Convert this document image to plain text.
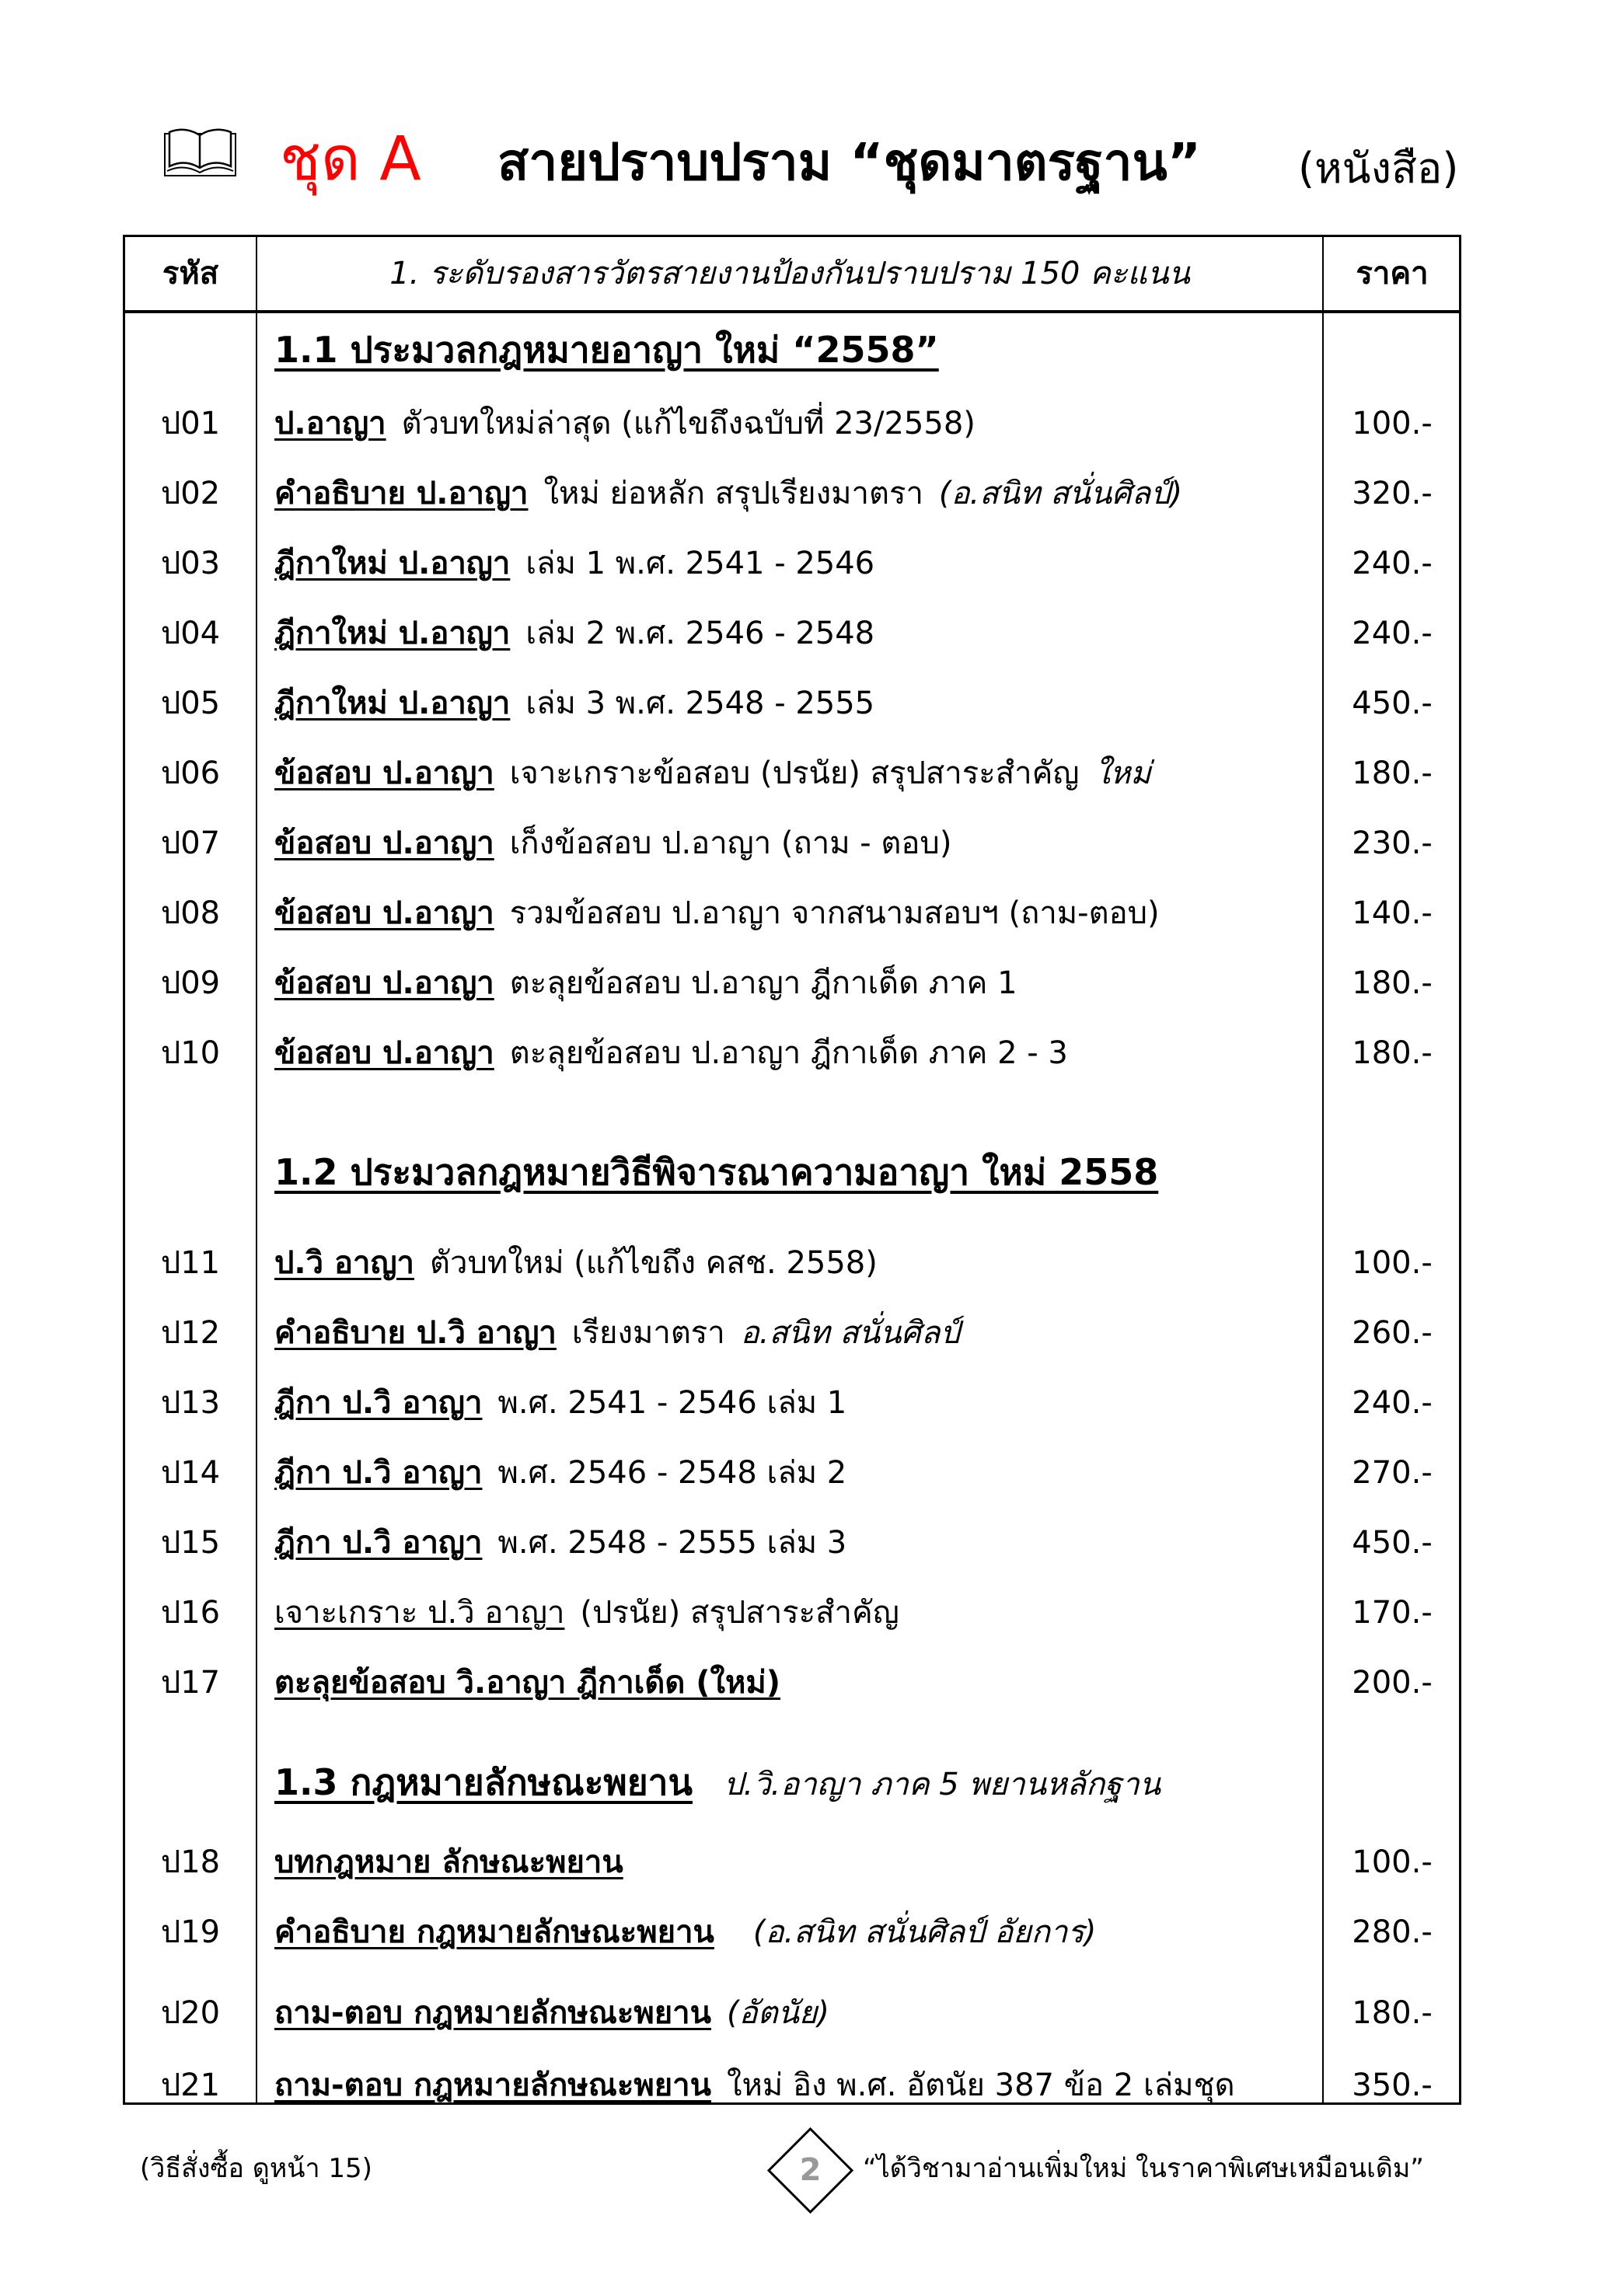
ชุด A สายปราบปราม “ชุดมาตรฐาน” (หนังสือ)
รหัส	1. ระดับรองสารวัตรสายงานป้องกันปราบปราม 150 คะแนน	ราคา
1.1 ประมวลกฎหมายอาญา ใหม่ “2558”
ป01	ป.อาญา ตัวบทใหม่ล่าสุด (แก้ไขถึงฉบับที่ 23/2558)	100.-
ป02	คำอธิบาย ป.อาญา ใหม่ ย่อหลัก สรุปเรียงมาตรา (อ.สนิท สนั่นศิลป์)	320.-
ป03	ฎีกาใหม่ ป.อาญา เล่ม 1 พ.ศ. 2541 - 2546	240.-
ป04	ฎีกาใหม่ ป.อาญา เล่ม 2 พ.ศ. 2546 - 2548	240.-
ป05	ฎีกาใหม่ ป.อาญา เล่ม 3 พ.ศ. 2548 - 2555	450.-
ป06	ข้อสอบ ป.อาญา เจาะเกราะข้อสอบ (ปรนัย) สรุปสาระสำคัญ ใหม่	180.-
ป07	ข้อสอบ ป.อาญา เก็งข้อสอบ ป.อาญา (ถาม - ตอบ)	230.-
ป08	ข้อสอบ ป.อาญา รวมข้อสอบ ป.อาญา จากสนามสอบฯ (ถาม-ตอบ)	140.-
ป09	ข้อสอบ ป.อาญา ตะลุยข้อสอบ ป.อาญา ฎีกาเด็ด ภาค 1	180.-
ป10	ข้อสอบ ป.อาญา ตะลุยข้อสอบ ป.อาญา ฎีกาเด็ด ภาค 2 - 3	180.-
1.2 ประมวลกฎหมายวิธีพิจารณาความอาญา ใหม่ 2558
ป11	ป.วิ อาญา ตัวบทใหม่ (แก้ไขถึง คสช. 2558)	100.-
ป12	คำอธิบาย ป.วิ อาญา เรียงมาตรา อ.สนิท สนั่นศิลป์	260.-
ป13	ฎีกา ป.วิ อาญา พ.ศ. 2541 - 2546 เล่ม 1	240.-
ป14	ฎีกา ป.วิ อาญา พ.ศ. 2546 - 2548 เล่ม 2	270.-
ป15	ฎีกา ป.วิ อาญา พ.ศ. 2548 - 2555 เล่ม 3	450.-
ป16	เจาะเกราะ ป.วิ อาญา (ปรนัย) สรุปสาระสำคัญ	170.-
ป17	ตะลุยข้อสอบ วิ.อาญา ฎีกาเด็ด (ใหม่)	200.-
1.3 กฎหมายลักษณะพยาน ป.วิ.อาญา ภาค 5 พยานหลักฐาน
ป18	บทกฎหมาย ลักษณะพยาน	100.-
ป19	คำอธิบาย กฎหมายลักษณะพยาน (อ.สนิท สนั่นศิลป์ อัยการ)	280.-
ป20	ถาม-ตอบ กฎหมายลักษณะพยาน (อัตนัย)	180.-
ป21	ถาม-ตอบ กฎหมายลักษณะพยาน ใหม่ อิง พ.ศ. อัตนัย 387 ข้อ 2 เล่มชุด	350.-
(วิธีสั่งซื้อ ดูหน้า 15)	2	“ได้วิชามาอ่านเพิ่มใหม่ ในราคาพิเศษเหมือนเดิม”
